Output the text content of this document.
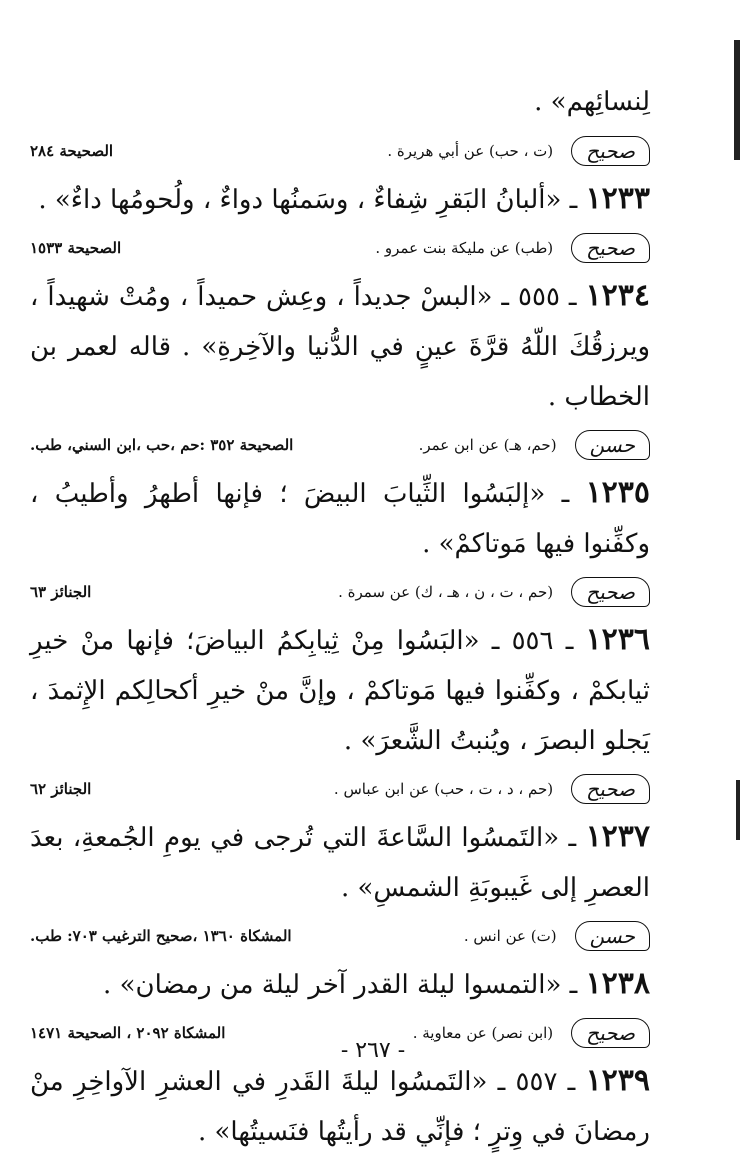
لِنسائِهم» .

صحيح
(ت ، حب) عن أبي هريرة .
الصحيحة ٢٨٤

١٢٣٣ ـ «ألبانُ البَقرِ شِفاءٌ ، وسَمنُها دواءٌ ، ولُحومُها داءٌ» .

صحيح
(طب) عن مليكة بنت عمرو .
الصحيحة ١٥٣٣

١٢٣٤ ـ ٥٥٥ ـ «البسْ جديداً ، وعِش حميداً ، ومُتْ شهيداً ، ويرزقُكَ اللّهُ قرَّةَ عينٍ في الدُّنيا والآخِرةِ» . قاله لعمر بن الخطاب .

حسن
(حم، هـ) عن ابن عمر.
الصحيحة ٣٥٢ :حم ،حب ،ابن السني، طب.

١٢٣٥ ـ «إلبَسُوا الثِّيابَ البيضَ ؛ فإنها أطهرُ وأطيبُ ، وكفِّنوا فيها مَوتاكمْ» .

صحيح
(حم ، ت ، ن ، هـ ، ك) عن سمرة .
الجنائز ٦٣

١٢٣٦ ـ ٥٥٦ ـ «البَسُوا مِنْ ثِيابِكمُ البياضَ؛ فإنها منْ خيرِ ثيابكمْ ، وكفِّنوا فيها مَوتاكمْ ، وإنَّ منْ خيرِ أكحالِكم الإِثمدَ ، يَجلو البصرَ ، ويُنبتُ الشَّعرَ» .

صحيح
(حم ، د ، ت ، حب) عن ابن عباس .
الجنائز ٦٢

١٢٣٧ ـ «التَمسُوا السَّاعةَ التي تُرجى في يومِ الجُمعةِ، بعدَ العصرِ إلى غَيبوبَةِ الشمسِ» .

حسن
(ت) عن انس .
المشكاة ١٣٦٠ ،صحيح الترغيب ٧٠٣: طب.

١٢٣٨ ـ «التمسوا ليلة القدر آخر ليلة من رمضان» .

صحيح
(ابن نصر) عن معاوية .
المشكاة ٢٠٩٢ ، الصحيحة ١٤٧١

١٢٣٩ ـ ٥٥٧ ـ «التَمسُوا ليلةَ القَدرِ في العشرِ الآواخِرِ منْ رمضانَ في وِترٍ ؛ فإنِّي قد رأيتُها فنَسيتُها» .

- ٢٦٧ -
